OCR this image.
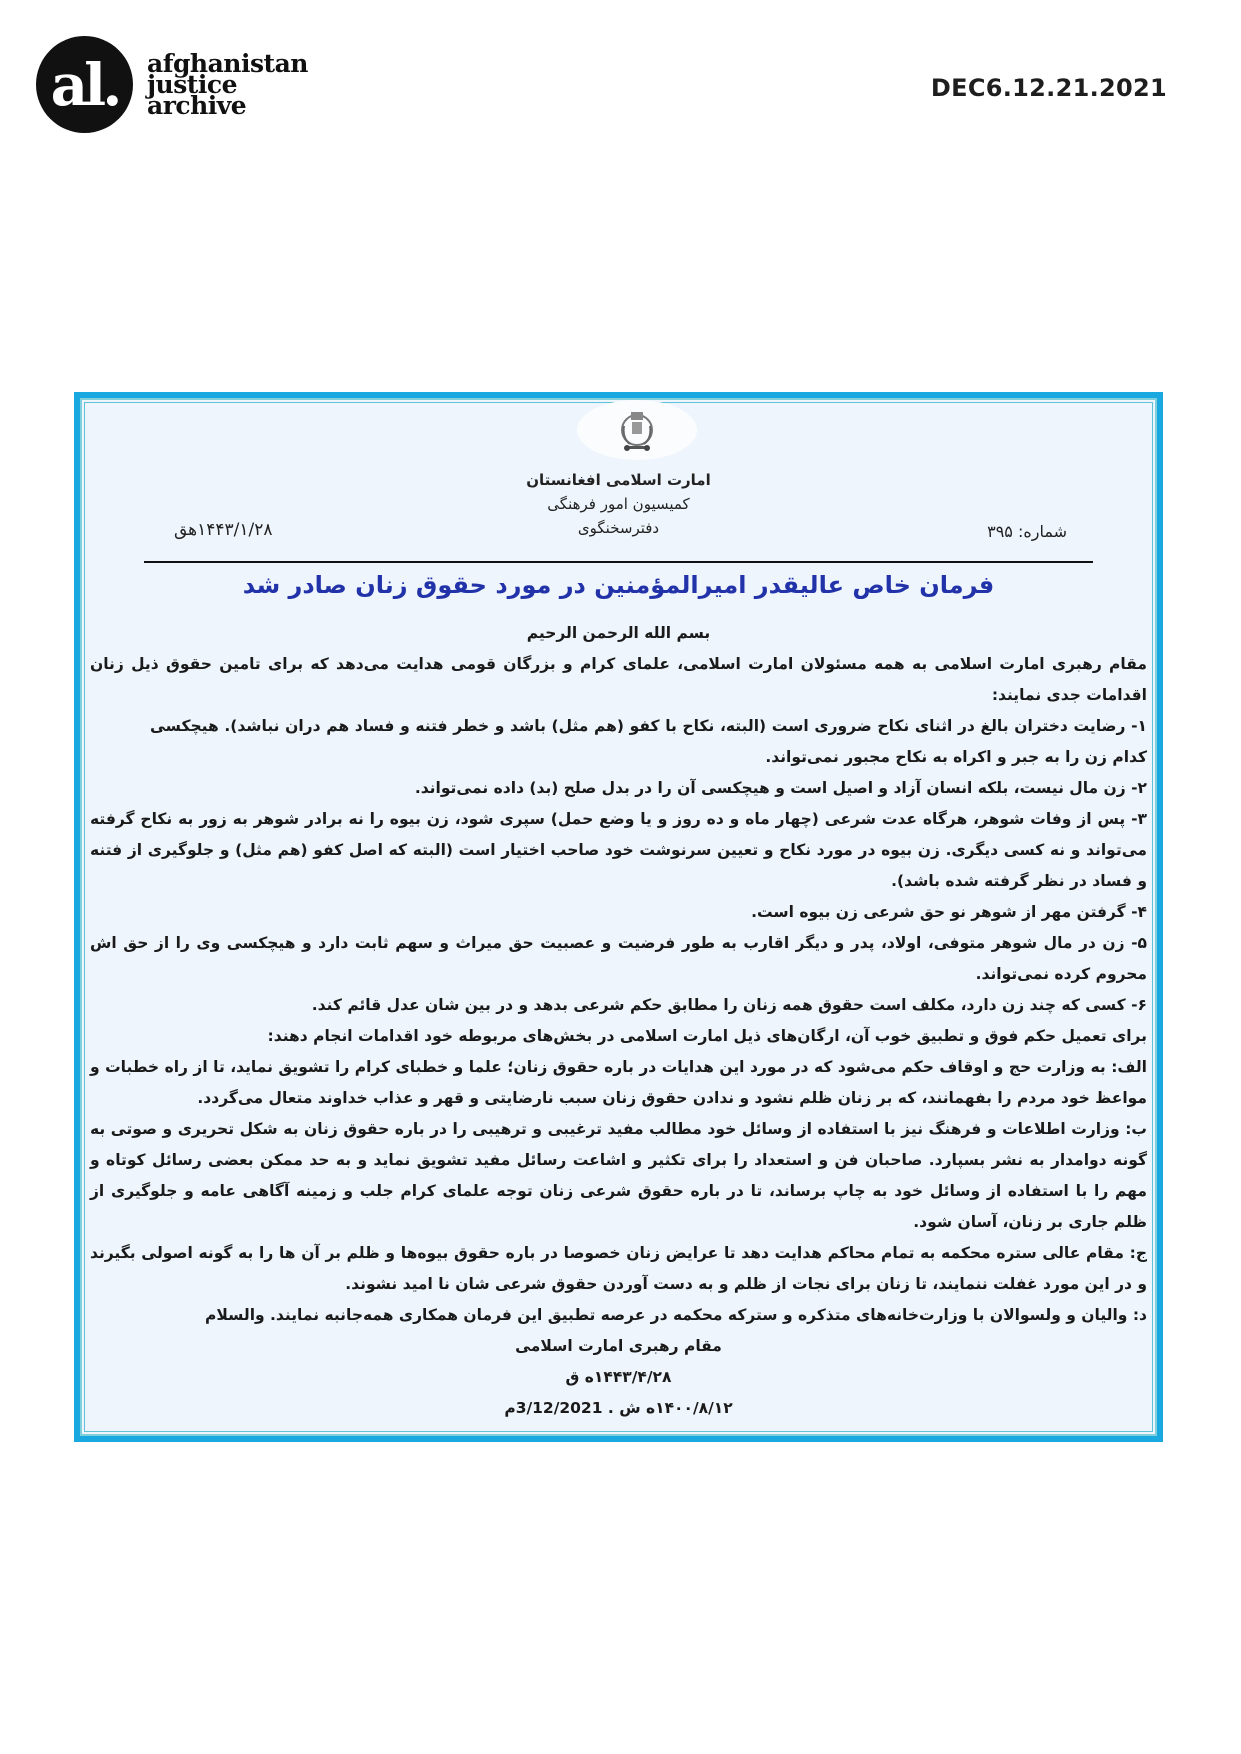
al.	afghanistan
justice
archive
DEC6.12.21.2021
امارت اسلامی افغانستان
کمیسیون امور فرهنگی
دفترسخنگوی
۱۴۴۳/۱/۲۸هق	شماره: ۳۹۵
فرمان خاص عالیقدر امیرالمؤمنین در مورد حقوق زنان صادر شد

بسم الله الرحمن الرحیم

مقام رهبری امارت اسلامی به همه مسئولان امارت اسلامی، علمای کرام و بزرگان قومی هدایت می‌دهد که برای تامین حقوق ذیل زنان اقدامات جدی نمایند:

۱- رضایت دختران بالغ در اثنای نکاح ضروری است (البته، نکاح با کفو (هم مثل) باشد و خطر فتنه و فساد هم دران نباشد). هیچکسی کدام زن را به جبر و اکراه به نکاح مجبور نمی‌تواند.

۲- زن مال نیست، بلکه انسان آزاد و اصیل است و هیچکسی آن را در بدل صلح (بد) داده نمی‌تواند.

۳- پس از وفات شوهر، هرگاه عدت شرعی (چهار ماه و ده روز و یا وضع حمل) سپری شود، زن بیوه را نه برادر شوهر به زور به نکاح گرفته می‌تواند و نه کسی دیگری. زن بیوه در مورد نکاح و تعیین سرنوشت خود صاحب اختیار است (البته که اصل کفو (هم مثل) و جلوگیری از فتنه و فساد در نظر گرفته شده باشد).

۴- گرفتن مهر از شوهر نو حق شرعی زن بیوه است.

۵- زن در مال شوهر متوفی، اولاد، پدر و دیگر اقارب به طور فرضیت و عصبیت حق میراث و سهم ثابت دارد و هیچکسی وی را از حق اش محروم کرده نمی‌تواند.

۶- کسی که چند زن دارد، مکلف است حقوق همه زنان را مطابق حکم شرعی بدهد و در بین شان عدل قائم کند.

برای تعمیل حکم فوق و تطبیق خوب آن، ارگان‌های ذیل امارت اسلامی در بخش‌های مربوطه خود اقدامات انجام دهند:

الف: به وزارت حج و اوقاف حکم می‌شود که در مورد این هدایات در باره حقوق زنان؛ علما و خطبای کرام را تشویق نماید، تا از راه خطبات و مواعظ خود مردم را بفهمانند، که بر زنان ظلم نشود و ندادن حقوق زنان سبب نارضایتی و قهر و عذاب خداوند متعال می‌گردد.

ب: وزارت اطلاعات و فرهنگ نیز با استفاده از وسائل خود مطالب مفید ترغیبی و ترهیبی را در باره حقوق زنان به شکل تحریری و صوتی به گونه دوامدار به نشر بسپارد. صاحبان فن و استعداد را برای تکثیر و اشاعت رسائل مفید تشویق نماید و به حد ممکن بعضی رسائل کوتاه و مهم را با استفاده از وسائل خود به چاپ برساند، تا در باره حقوق شرعی زنان توجه علمای کرام جلب و زمینه آگاهی عامه و جلوگیری از ظلم جاری بر زنان، آسان شود.

ج: مقام عالی ستره محکمه به تمام محاکم هدایت دهد تا عرایض زنان خصوصا در باره حقوق بیوه‌ها و ظلم بر آن ها را به گونه اصولی بگیرند و در این مورد غفلت ننمایند، تا زنان برای نجات از ظلم و به دست آوردن حقوق شرعی شان نا امید نشوند.

د: والیان و ولسوالان با وزارت‌خانه‌های متذکره و سترکه محکمه در عرصه تطبیق این فرمان همکاری همه‌جانبه نمایند. والسلام

مقام رهبری امارت اسلامی

۱۴۴۳/۴/۲۸ه ق

۱۴۰۰/۸/۱۲ه ش . 3/12/2021م
